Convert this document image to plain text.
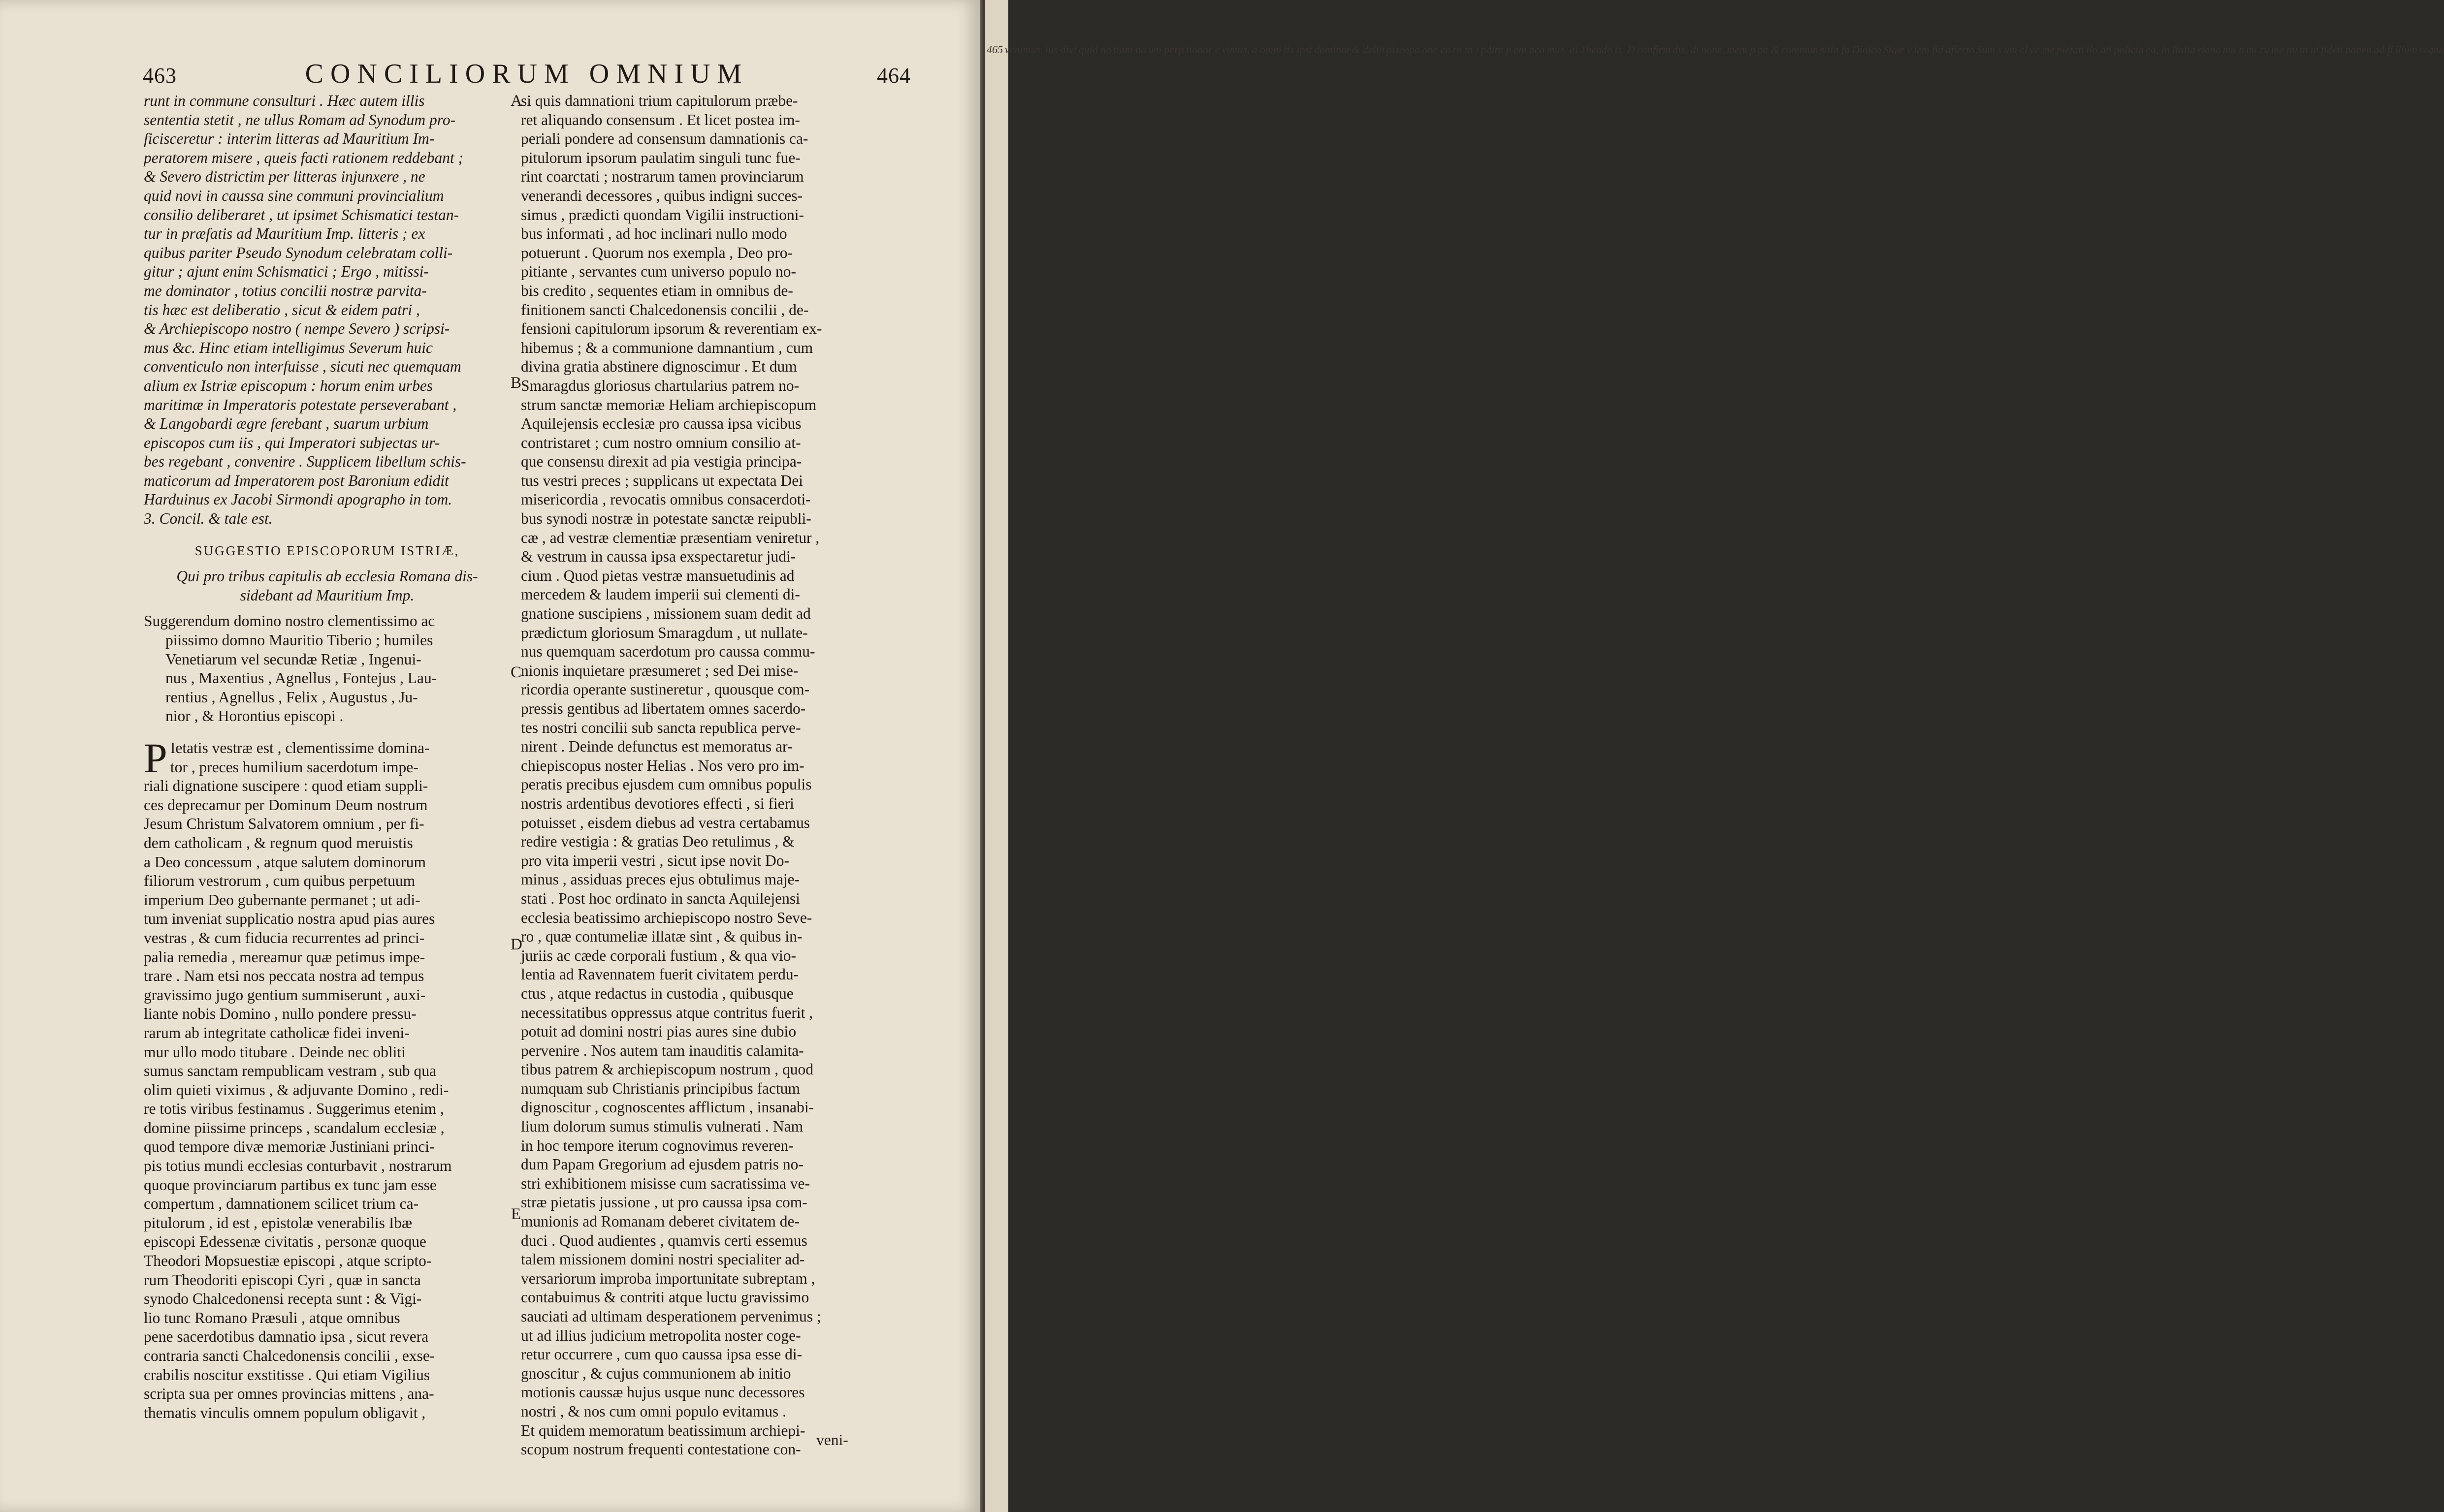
463	CONCILIORUM OMNIUM	464
runt in commune consulturi . Hæc autem illis
sententia stetit , ne ullus Romam ad Synodum pro-
ficisceretur : interim litteras ad Mauritium Im-
peratorem misere , queis facti rationem reddebant ;
& Severo districtim per litteras injunxere , ne
quid novi in caussa sine communi provincialium
consilio deliberaret , ut ipsimet Schismatici testan-
tur in præfatis ad Mauritium Imp. litteris ; ex
quibus pariter Pseudo Synodum celebratam colli-
gitur ; ajunt enim Schismatici ; Ergo , mitissi-
me dominator , totius concilii nostræ parvita-
tis hæc est deliberatio , sicut & eidem patri ,
& Archiepiscopo nostro ( nempe Severo ) scripsi-
mus &c. Hinc etiam intelligimus Severum huic
conventiculo non interfuisse , sicuti nec quemquam
alium ex Istriæ episcopum : horum enim urbes
maritimæ in Imperatoris potestate perseverabant ,
& Langobardi ægre ferebant , suarum urbium
episcopos cum iis , qui Imperatori subjectas ur-
bes regebant , convenire . Supplicem libellum schis-
maticorum ad Imperatorem post Baronium edidit
Harduinus ex Jacobi Sirmondi apographo in tom.
3. Concil. & tale est.
SUGGESTIO EPISCOPORUM ISTRIÆ,
Qui pro tribus capitulis ab ecclesia Romana dis-
sidebant ad Mauritium Imp.
Suggerendum domino nostro clementissimo ac
piissimo domno Mauritio Tiberio ; humiles
Venetiarum vel secundæ Retiæ , Ingenui-
nus , Maxentius , Agnellus , Fontejus , Lau-
rentius , Agnellus , Felix , Augustus , Ju-
nior , & Horontius episcopi .
P Ietatis vestræ est , clementissime domina-
tor , preces humilium sacerdotum impe-
riali dignatione suscipere : quod etiam suppli-
ces deprecamur per Dominum Deum nostrum
Jesum Christum Salvatorem omnium , per fi-
dem catholicam , & regnum quod meruistis
a Deo concessum , atque salutem dominorum
filiorum vestrorum , cum quibus perpetuum
imperium Deo gubernante permanet ; ut adi-
tum inveniat supplicatio nostra apud pias aures
vestras , & cum fiducia recurrentes ad princi-
palia remedia , mereamur quæ petimus impe-
trare . Nam etsi nos peccata nostra ad tempus
gravissimo jugo gentium summiserunt , auxi-
liante nobis Domino , nullo pondere pressu-
rarum ab integritate catholicæ fidei inveni-
mur ullo modo titubare . Deinde nec obliti
sumus sanctam rempublicam vestram , sub qua
olim quieti viximus , & adjuvante Domino , redi-
re totis viribus festinamus . Suggerimus etenim ,
domine piissime princeps , scandalum ecclesiæ ,
quod tempore divæ memoriæ Justiniani princi-
pis totius mundi ecclesias conturbavit , nostrarum
quoque provinciarum partibus ex tunc jam esse
compertum , damnationem scilicet trium ca-
pitulorum , id est , epistolæ venerabilis Ibæ
episcopi Edessenæ civitatis , personæ quoque
Theodori Mopsuestiæ episcopi , atque scripto-
rum Theodoriti episcopi Cyri , quæ in sancta
synodo Chalcedonensi recepta sunt : & Vigi-
lio tunc Romano Præsuli , atque omnibus
pene sacerdotibus damnatio ipsa , sicut revera
contraria sancti Chalcedonensis concilii , exse-
crabilis noscitur exstitisse . Qui etiam Vigilius
scripta sua per omnes provincias mittens , ana-
thematis vinculis omnem populum obligavit ,
A
B
C
D
E
si quis damnationi trium capitulorum præbe-
ret aliquando consensum . Et licet postea im-
periali pondere ad consensum damnationis ca-
pitulorum ipsorum paulatim singuli tunc fue-
rint coarctati ; nostrarum tamen provinciarum
venerandi decessores , quibus indigni succes-
simus , prædicti quondam Vigilii instructioni-
bus informati , ad hoc inclinari nullo modo
potuerunt . Quorum nos exempla , Deo pro-
pitiante , servantes cum universo populo no-
bis credito , sequentes etiam in omnibus de-
finitionem sancti Chalcedonensis concilii , de-
fensioni capitulorum ipsorum & reverentiam ex-
hibemus ; & a communione damnantium , cum
divina gratia abstinere dignoscimur . Et dum
Smaragdus gloriosus chartularius patrem no-
strum sanctæ memoriæ Heliam archiepiscopum
Aquilejensis ecclesiæ pro caussa ipsa vicibus
contristaret ; cum nostro omnium consilio at-
que consensu direxit ad pia vestigia principa-
tus vestri preces ; supplicans ut expectata Dei
misericordia , revocatis omnibus consacerdoti-
bus synodi nostræ in potestate sanctæ reipubli-
cæ , ad vestræ clementiæ præsentiam veniretur ,
& vestrum in caussa ipsa exspectaretur judi-
cium . Quod pietas vestræ mansuetudinis ad
mercedem & laudem imperii sui clementi di-
gnatione suscipiens , missionem suam dedit ad
prædictum gloriosum Smaragdum , ut nullate-
nus quemquam sacerdotum pro caussa commu-
nionis inquietare præsumeret ; sed Dei mise-
ricordia operante sustineretur , quousque com-
pressis gentibus ad libertatem omnes sacerdo-
tes nostri concilii sub sancta republica perve-
nirent . Deinde defunctus est memoratus ar-
chiepiscopus noster Helias . Nos vero pro im-
peratis precibus ejusdem cum omnibus populis
nostris ardentibus devotiores effecti , si fieri
potuisset , eisdem diebus ad vestra certabamus
redire vestigia : & gratias Deo retulimus , &
pro vita imperii vestri , sicut ipse novit Do-
minus , assiduas preces ejus obtulimus maje-
stati . Post hoc ordinato in sancta Aquilejensi
ecclesia beatissimo archiepiscopo nostro Seve-
ro , quæ contumeliæ illatæ sint , & quibus in-
juriis ac cæde corporali fustium , & qua vio-
lentia ad Ravennatem fuerit civitatem perdu-
ctus , atque redactus in custodia , quibusque
necessitatibus oppressus atque contritus fuerit ,
potuit ad domini nostri pias aures sine dubio
pervenire . Nos autem tam inauditis calamita-
tibus patrem & archiepiscopum nostrum , quod
numquam sub Christianis principibus factum
dignoscitur , cognoscentes afflictum , insanabi-
lium dolorum sumus stimulis vulnerati . Nam
in hoc tempore iterum cognovimus reveren-
dum Papam Gregorium ad ejusdem patris no-
stri exhibitionem misisse cum sacratissima ve-
stræ pietatis jussione , ut pro caussa ipsa com-
munionis ad Romanam deberet civitatem de-
duci . Quod audientes , quamvis certi essemus
talem missionem domini nostri specialiter ad-
versariorum improba importunitate subreptam ,
contabuimus & contriti atque luctu gravissimo
sauciati ad ultimam desperationem pervenimus ;
ut ad illius judicium metropolita noster coge-
retur occurrere , cum quo caussa ipsa esse di-
gnoscitur , & cujus communionem ab initio
motionis caussæ hujus usque nunc decessores
nostri , & nos cum omni populo evitamus .
Et quidem memoratum beatissimum archiepi-
scopum nostrum frequenti contestatione con-
veni-
465 venimus, ius divi quid no tiam no um perp tionor c vimus, a omni tis ipsi dominat & delib piscopo one co ro in j pdire p am oca mus, al Theodo is. D confirm dis, di none, mem p pa & commun sitia fa Diolco Sigæ v lem fid aflerto Sum s um el ve me pietati ilo ati policia ea, in Italia riano mu n nu ru me pu in ui fideti nonen ad fi ilium regnu
